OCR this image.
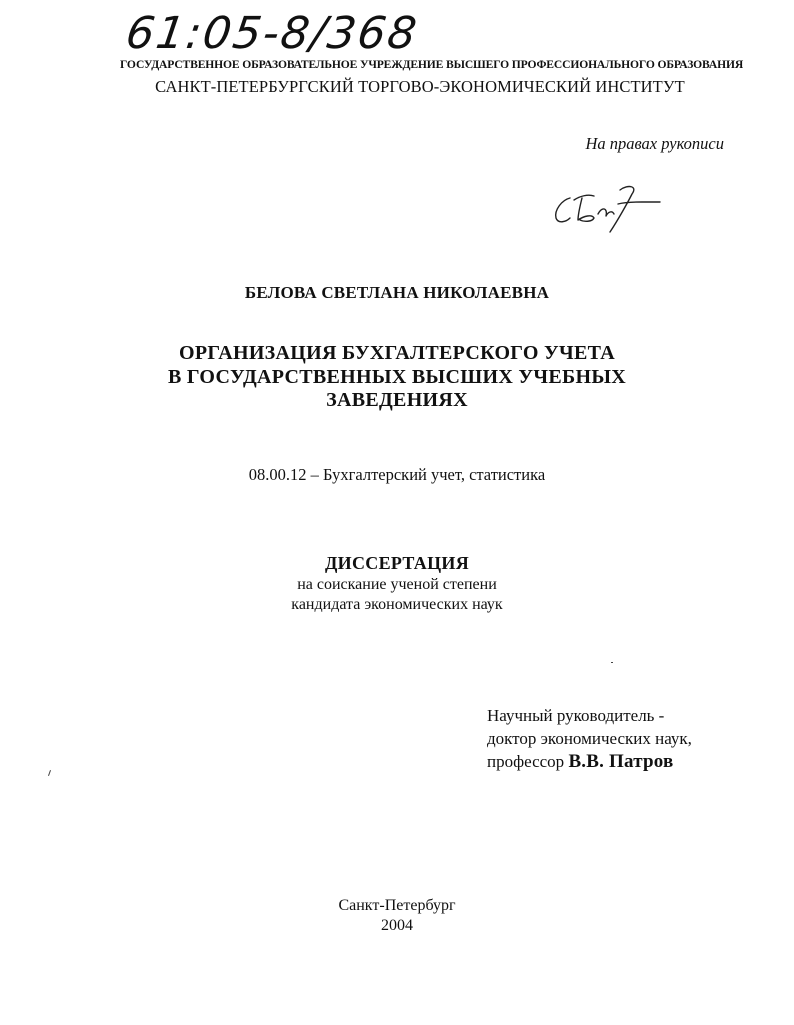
61:05-8/368
ГОСУДАРСТВЕННОЕ ОБРАЗОВАТЕЛЬНОЕ УЧРЕЖДЕНИЕ ВЫСШЕГО ПРОФЕССИОНАЛЬНОГО ОБРАЗОВАНИЯ
САНКТ-ПЕТЕРБУРГСКИЙ ТОРГОВО-ЭКОНОМИЧЕСКИЙ ИНСТИТУТ
На правах рукописи
БЕЛОВА СВЕТЛАНА НИКОЛАЕВНА
ОРГАНИЗАЦИЯ БУХГАЛТЕРСКОГО УЧЕТА
В ГОСУДАРСТВЕННЫХ ВЫСШИХ УЧЕБНЫХ
ЗАВЕДЕНИЯХ
08.00.12 – Бухгалтерский учет, статистика
ДИССЕРТАЦИЯ
на соискание ученой степени
кандидата экономических наук
Научный руководитель -
доктор экономических наук,
профессор В.В. Патров
Санкт-Петербург
2004
